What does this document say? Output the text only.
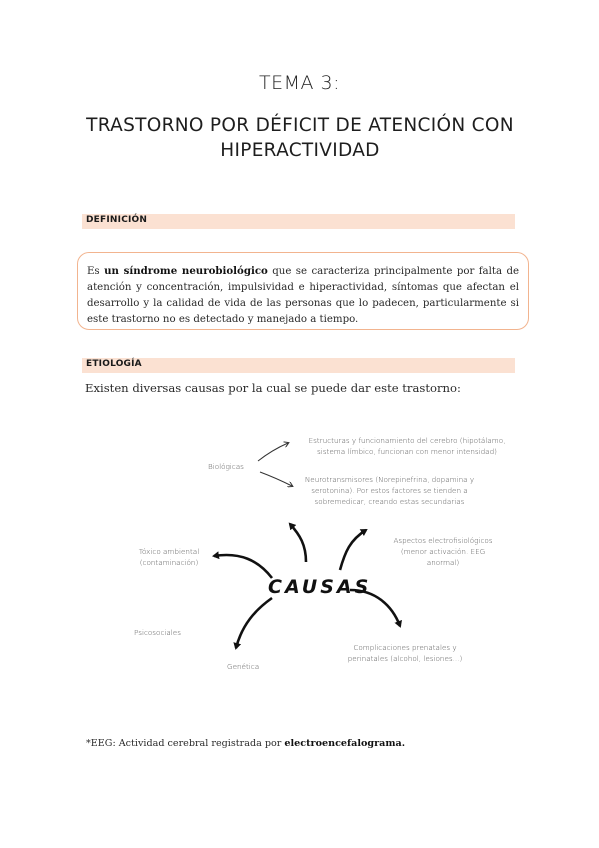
TEMA 3:
TRASTORNO POR DÉFICIT DE ATENCIÓN CON
HIPERACTIVIDAD
DEFINICIÓN
Es un síndrome neurobiológico que se caracteriza principalmente por falta de atención y concentración, impulsividad e hiperactividad, síntomas que afectan el desarrollo y la calidad de vida de las personas que lo padecen, particularmente si este trastorno no es detectado y manejado a tiempo.
ETIOLOGÍA
Existen diversas causas por la cual se puede dar este trastorno:
Biológicas
Estructuras y funcionamiento del cerebro (hipotálamo,
sistema límbico, funcionan con menor intensidad)
Neurotransmisores (Norepinefrina, dopamina y
serotonina). Por estos factores se tienden a
sobremedicar, creando estas secundarias
Tóxico ambiental
(contaminación)
Aspectos electrofisiológicos
(menor activación. EEG
anormal)
CAUSAS
Psicosociales
Genética
Complicaciones prenatales y
perinatales (alcohol, lesiones...)
*EEG: Actividad cerebral registrada por electroencefalograma.
